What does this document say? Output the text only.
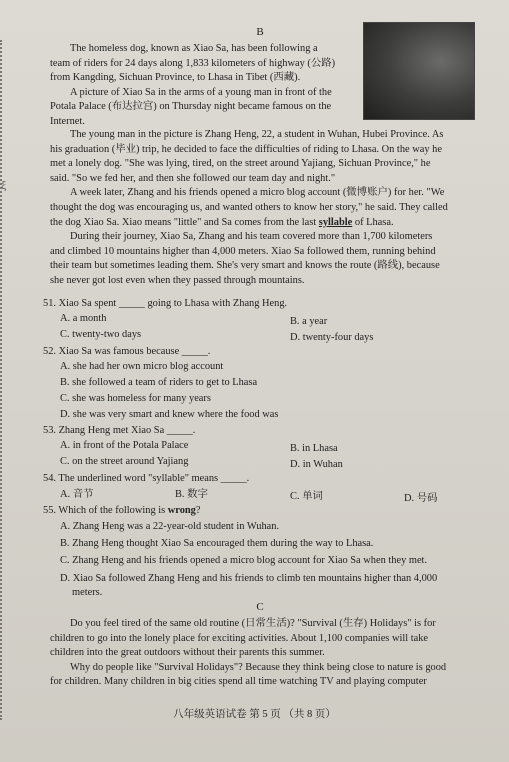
ξ
B
The homeless dog, known as Xiao Sa, has been following a
team of riders for 24 days along 1,833 kilometers of highway (公路)
from Kangding, Sichuan Province, to Lhasa in Tibet (西藏).
A picture of Xiao Sa in the arms of a young man in front of the
Potala Palace (布达拉宫) on Thursday night became famous on the
Internet.
The young man in the picture is Zhang Heng, 22, a student in Wuhan, Hubei Province. As
his graduation (毕业) trip, he decided to face the difficulties of riding to Lhasa. On the way he
met a lonely dog. "She was lying, tired, on the street around Yajiang, Sichuan Province," he
said. "So we fed her, and then she followed our team day and night."
A week later, Zhang and his friends opened a micro blog account (微博账户) for her. "We
thought the dog was encouraging us, and wanted others to know her story," he said. They called
the dog Xiao Sa. Xiao means "little" and Sa comes from the last syllable of Lhasa.
During their journey, Xiao Sa, Zhang and his team covered more than 1,700 kilometers
and climbed 10 mountains higher than 4,000 meters. Xiao Sa followed them, running behind
their team but sometimes leading them. She's very smart and knows the route (路线), because
she never got lost even when they passed through mountains.
51. Xiao Sa spent _____ going to Lhasa with Zhang Heng.
A. a month	B. a year
C. twenty-two days	D. twenty-four days
52. Xiao Sa was famous because _____.
A. she had her own micro blog account
B. she followed a team of riders to get to Lhasa
C. she was homeless for many years
D. she was very smart and knew where the food was
53. Zhang Heng met Xiao Sa _____.
A. in front of the Potala Palace	B. in Lhasa
C. on the street around Yajiang	D. in Wuhan
54. The underlined word "syllable" means _____.
A. 音节	B. 数字	C. 单词	D. 号码
55. Which of the following is wrong?
A. Zhang Heng was a 22-year-old student in Wuhan.
B. Zhang Heng thought Xiao Sa encouraged them during the way to Lhasa.
C. Zhang Heng and his friends opened a micro blog account for Xiao Sa when they met.
D. Xiao Sa followed Zhang Heng and his friends to climb ten mountains higher than 4,000
meters.
C
Do you feel tired of the same old routine (日常生活)? "Survival (生存) Holidays" is for
children to go into the lonely place for exciting activities. About 1,100 companies will take
children into the great outdoors without their parents this summer.
Why do people like "Survival Holidays"? Because they think being close to nature is good
for children. Many children in big cities spend all time watching TV and playing computer
八年级英语试卷 第 5 页 （共 8 页）
